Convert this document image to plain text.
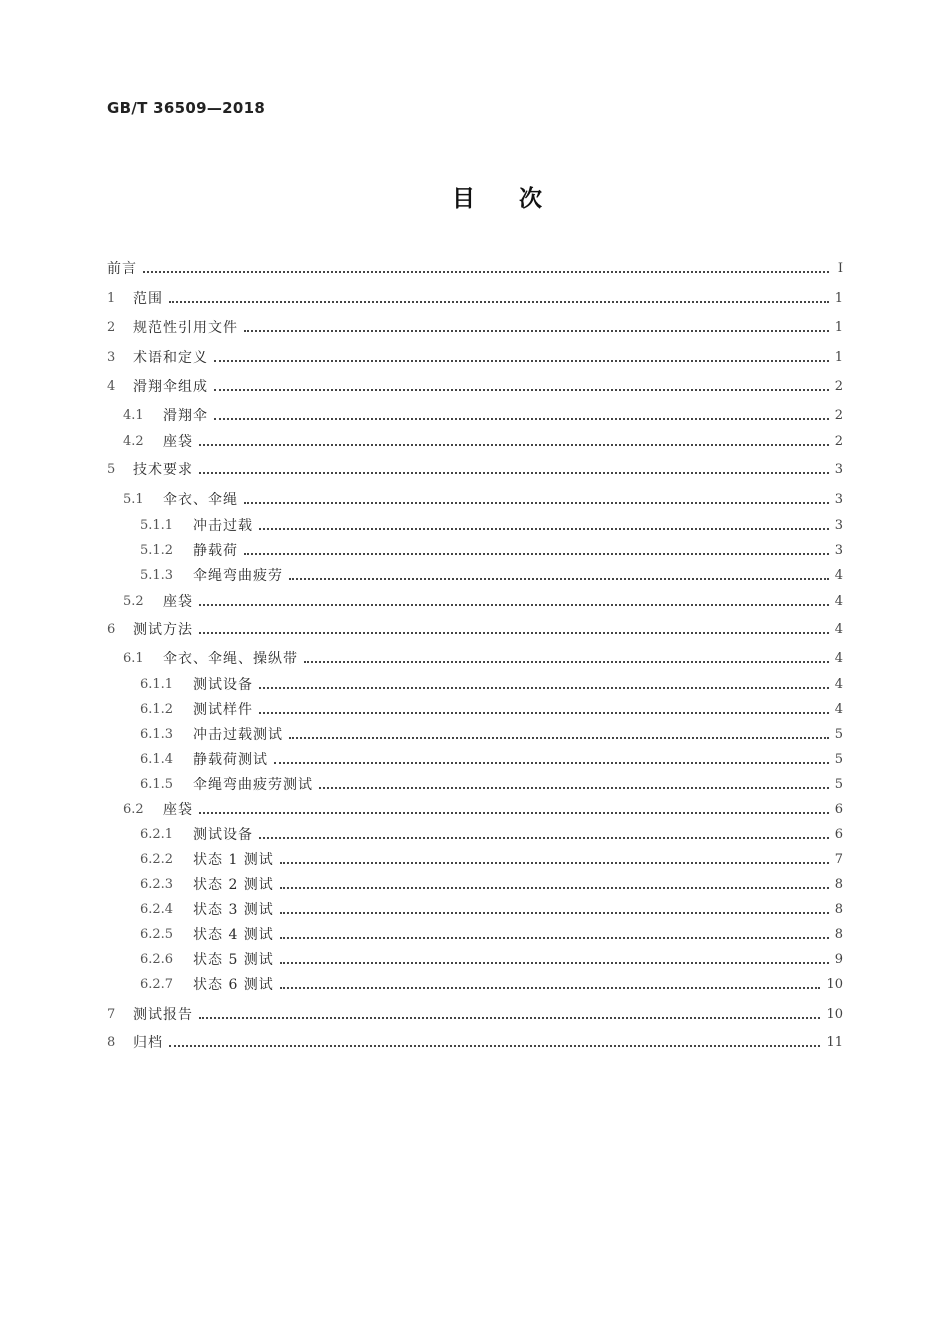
GB/T 36509—2018
目次
前言	Ⅰ
1	范围	1
2	规范性引用文件	1
3	术语和定义	1
4	滑翔伞组成	2
4.1	滑翔伞	2
4.2	座袋	2
5	技术要求	3
5.1	伞衣、伞绳	3
5.1.1	冲击过载	3
5.1.2	静载荷	3
5.1.3	伞绳弯曲疲劳	4
5.2	座袋	4
6	测试方法	4
6.1	伞衣、伞绳、操纵带	4
6.1.1	测试设备	4
6.1.2	测试样件	4
6.1.3	冲击过载测试	5
6.1.4	静载荷测试	5
6.1.5	伞绳弯曲疲劳测试	5
6.2	座袋	6
6.2.1	测试设备	6
6.2.2	状态 1 测试	7
6.2.3	状态 2 测试	8
6.2.4	状态 3 测试	8
6.2.5	状态 4 测试	8
6.2.6	状态 5 测试	9
6.2.7	状态 6 测试	10
7	测试报告	10
8	归档	11
